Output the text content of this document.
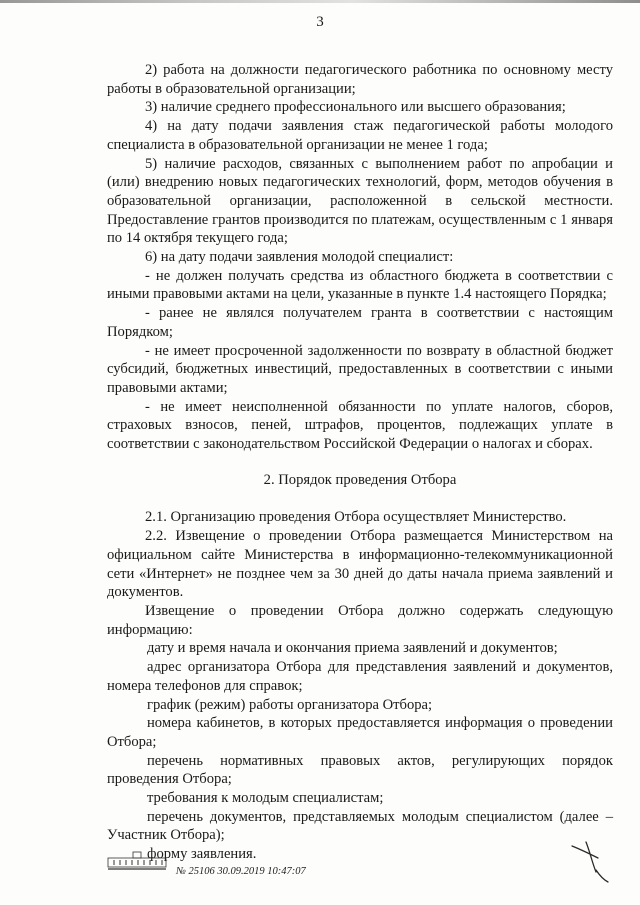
3

2) работа на должности педагогического работника по основному месту работы в образовательной организации;

3) наличие среднего профессионального или высшего образования;

4) на дату подачи заявления стаж педагогической работы молодого специалиста в образовательной организации не менее 1 года;

5) наличие расходов, связанных с выполнением работ по апробации и (или) внедрению новых педагогических технологий, форм, методов обучения в образовательной организации, расположенной в сельской местности. Предоставление грантов производится по платежам, осуществленным с 1 января по 14 октября текущего года;

6) на дату подачи заявления молодой специалист:

- не должен получать средства из областного бюджета в соответствии с иными правовыми актами на цели, указанные в пункте 1.4 настоящего Порядка;

- ранее не являлся получателем гранта в соответствии с настоящим Порядком;

- не имеет просроченной задолженности по возврату в областной бюджет субсидий, бюджетных инвестиций, предоставленных в соответствии с иными правовыми актами;

- не имеет неисполненной обязанности по уплате налогов, сборов, страховых взносов, пеней, штрафов, процентов, подлежащих уплате в соответствии с законодательством Российской Федерации о налогах и сборах.

2. Порядок проведения Отбора

2.1. Организацию проведения Отбора осуществляет Министерство.

2.2. Извещение о проведении Отбора размещается Министерством на официальном сайте Министерства в информационно-телекоммуникационной сети «Интернет» не позднее чем за 30 дней до даты начала приема заявлений и документов.

Извещение о проведении Отбора должно содержать следующую информацию:

дату и время начала и окончания приема заявлений и документов;

адрес организатора Отбора для представления заявлений и документов, номера телефонов для справок;

график (режим) работы организатора Отбора;

номера кабинетов, в которых предоставляется информация о проведении Отбора;

перечень нормативных правовых актов, регулирующих порядок проведения Отбора;

требования к молодым специалистам;

перечень документов, представляемых молодым специалистом (далее – Участник Отбора);

форму заявления.

№ 25106 30.09.2019 10:47:07
